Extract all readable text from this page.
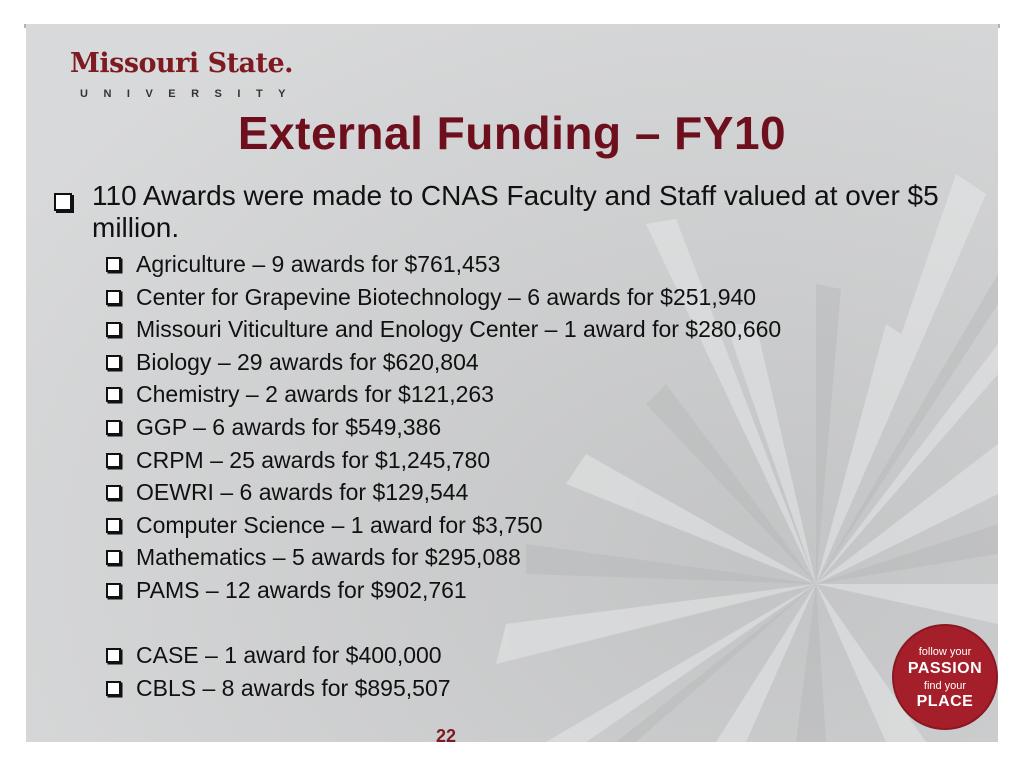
Missouri State.
UNIVERSITY
External Funding – FY10
110 Awards were made to CNAS Faculty and Staff valued at over $5 million.
Agriculture – 9 awards for $761,453
Center for Grapevine Biotechnology – 6 awards for $251,940
Missouri Viticulture and Enology Center – 1 award for $280,660
Biology – 29 awards for $620,804
Chemistry – 2 awards for $121,263
GGP – 6 awards for $549,386
CRPM – 25 awards for $1,245,780
OEWRI – 6 awards for $129,544
Computer Science – 1 award for $3,750
Mathematics – 5 awards for $295,088
PAMS – 12 awards for $902,761
CASE – 1 award for $400,000
CBLS – 8 awards for $895,507
22
follow your
PASSION
find your
PLACE
